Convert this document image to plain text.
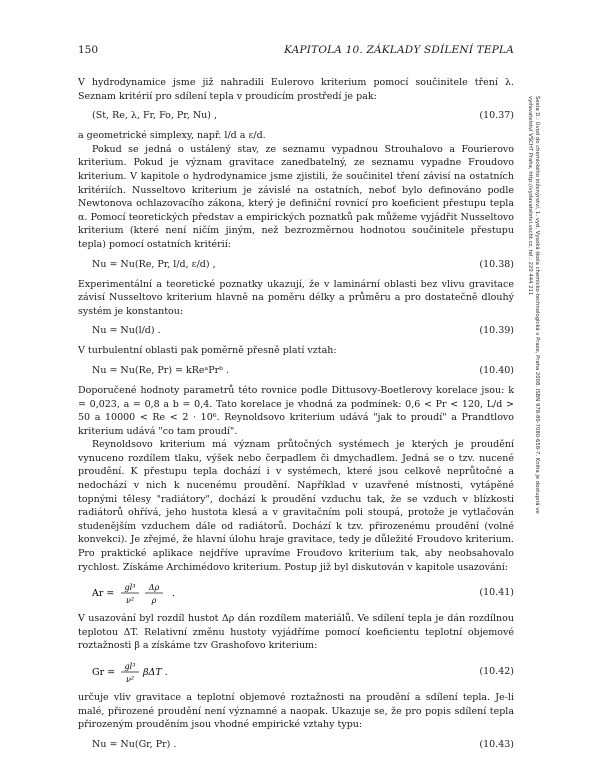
150	KAPITOLA 10. ZÁKLADY SDÍLENÍ TEPLA

V hydrodynamice jsme již nahradili Eulerovo kriterium pomocí součinitele tření λ. Seznam kritérií pro sdílení tepla v proudícím prostředí je pak:

(St, Re, λ, Fr, Fo, Pr, Nu) ,	(10.37)

a geometrické simplexy, např. l/d a ε/d.

Pokud se jedná o ustálený stav, ze seznamu vypadnou Strouhalovo a Fourierovo kriterium. Pokud je význam gravitace zanedbatelný, ze seznamu vypadne Froudovo kriterium. V kapitole o hydrodynamice jsme zjistili, že součinitel tření závisí na ostatních kritériích. Nusseltovo kriterium je závislé na ostatních, neboť bylo definováno podle Newtonova ochlazovacího zákona, který je definiční rovnicí pro koeficient přestupu tepla α. Pomocí teoretických představ a empirických poznatků pak můžeme vyjádřit Nusseltovo kriterium (které není ničím jiným, než bezrozměrnou hodnotou součinitele přestupu tepla) pomocí ostatních kritérií:

Nu = Nu(Re, Pr, l/d, ε/d) ,	(10.38)

Experimentální a teoretické poznatky ukazují, že v laminární oblasti bez vlivu gravitace závisí Nusseltovo kriterium hlavně na poměru délky a průměru a pro dostatečně dlouhý systém je konstantou:

Nu = Nu(l/d) .	(10.39)

V turbulentní oblasti pak poměrně přesně platí vztah:

Nu = Nu(Re, Pr) = kReᵃPrᵇ .	(10.40)

Doporučené hodnoty parametrů této rovnice podle Dittusovy-Boetlerovy korelace jsou: k = 0,023, a = 0,8 a b = 0,4. Tato korelace je vhodná za podmínek: 0,6 < Pr < 120, L/d > 50 a 10000 < Re < 2 · 10⁶. Reynoldsovo kriterium udává "jak to proudí" a Prandtlovo kriterium udává "co tam proudí".

Reynoldsovo kriterium má význam průtočných systémech je kterých je proudění vynuceno rozdílem tlaku, výšek nebo čerpadlem či dmychadlem. Jedná se o tzv. nucené proudění. K přestupu tepla dochází i v systémech, které jsou celkově neprůtočné a nedochází v nich k nucenému proudění. Například v uzavřené místnosti, vytápěné topnými tělesy "radiátory", dochází k proudění vzduchu tak, že se vzduch v blízkosti radiátorů ohřívá, jeho hustota klesá a v gravitačním poli stoupá, protože je vytlačován studenějším vzduchem dále od radiátorů. Dochází k tzv. přirozenému proudění (volné konvekci). Je zřejmé, že hlavní úlohu hraje gravitace, tedy je důležité Froudovo kriterium. Pro praktické aplikace nejdříve upravíme Froudovo kriterium tak, aby neobsahovalo rychlost. Získáme Archimédovo kriterium. Postup již byl diskutován v kapitole usazování:

Ar =
gl³
ν²
Δρ
ρ
.	(10.41)

V usazování byl rozdíl hustot Δρ dán rozdílem materiálů. Ve sdílení tepla je dán rozdílnou teplotou ΔT. Relativní změnu hustoty vyjádříme pomocí koeficientu teplotní objemové roztažnosti β a získáme tzv Grashofovo kriterium:

Gr =
gl³
ν²
βΔT .	(10.42)

určuje vliv gravitace a teplotní objemové roztažnosti na proudění a sdílení tepla. Je-li malé, přirozené proudění není významné a naopak. Ukazuje se, že pro popis sdílení tepla přirozeným prouděním jsou vhodné empirické vztahy typu:

Nu = Nu(Gr, Pr) .	(10.43)
Šesta D.: Úvod do chemického inženýrství, 1. vyd. Vysoká škola chemicko-technologická v Praze, Praha 2008. ISBN 978-80-7080-658-7. Kniha je dostupná ve vydavatelství VŠCHT Praha, http://vydavatelstvi.vscht.cz, tel.: 220 444 211
